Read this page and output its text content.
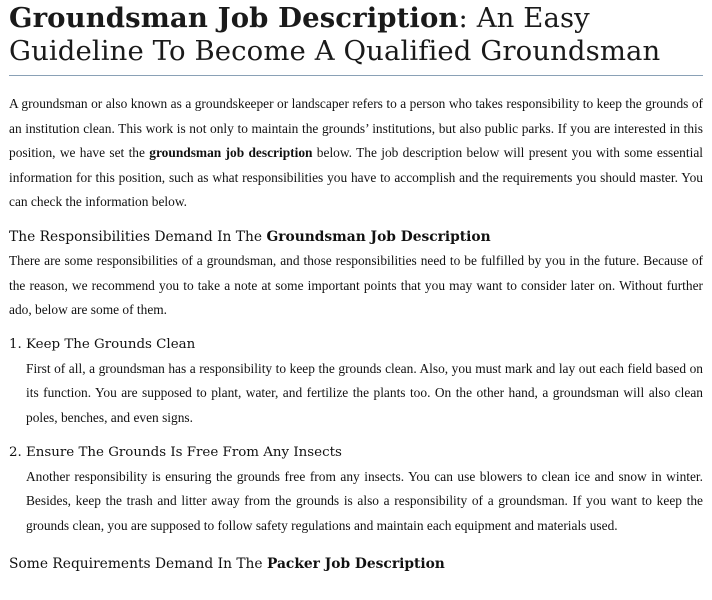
Groundsman Job Description: An Easy Guideline To Become A Qualified Groundsman

A groundsman or also known as a groundskeeper or landscaper refers to a person who takes responsibility to keep the grounds of an institution clean. This work is not only to maintain the grounds’ institutions, but also public parks. If you are interested in this position, we have set the groundsman job description below. The job description below will present you with some essential information for this position, such as what responsibilities you have to accomplish and the requirements you should master. You can check the information below.

The Responsibilities Demand In The Groundsman Job Description

There are some responsibilities of a groundsman, and those responsibilities need to be fulfilled by you in the future. Because of the reason, we recommend you to take a note at some important points that you may want to consider later on. Without further ado, below are some of them.

1. Keep The Grounds Clean
First of all, a groundsman has a responsibility to keep the grounds clean. Also, you must mark and lay out each field based on its function. You are supposed to plant, water, and fertilize the plants too. On the other hand, a groundsman will also clean poles, benches, and even signs.
2. Ensure The Grounds Is Free From Any Insects
Another responsibility is ensuring the grounds free from any insects. You can use blowers to clean ice and snow in winter. Besides, keep the trash and litter away from the grounds is also a responsibility of a groundsman. If you want to keep the grounds clean, you are supposed to follow safety regulations and maintain each equipment and materials used.
Some Requirements Demand In The Packer Job Description
